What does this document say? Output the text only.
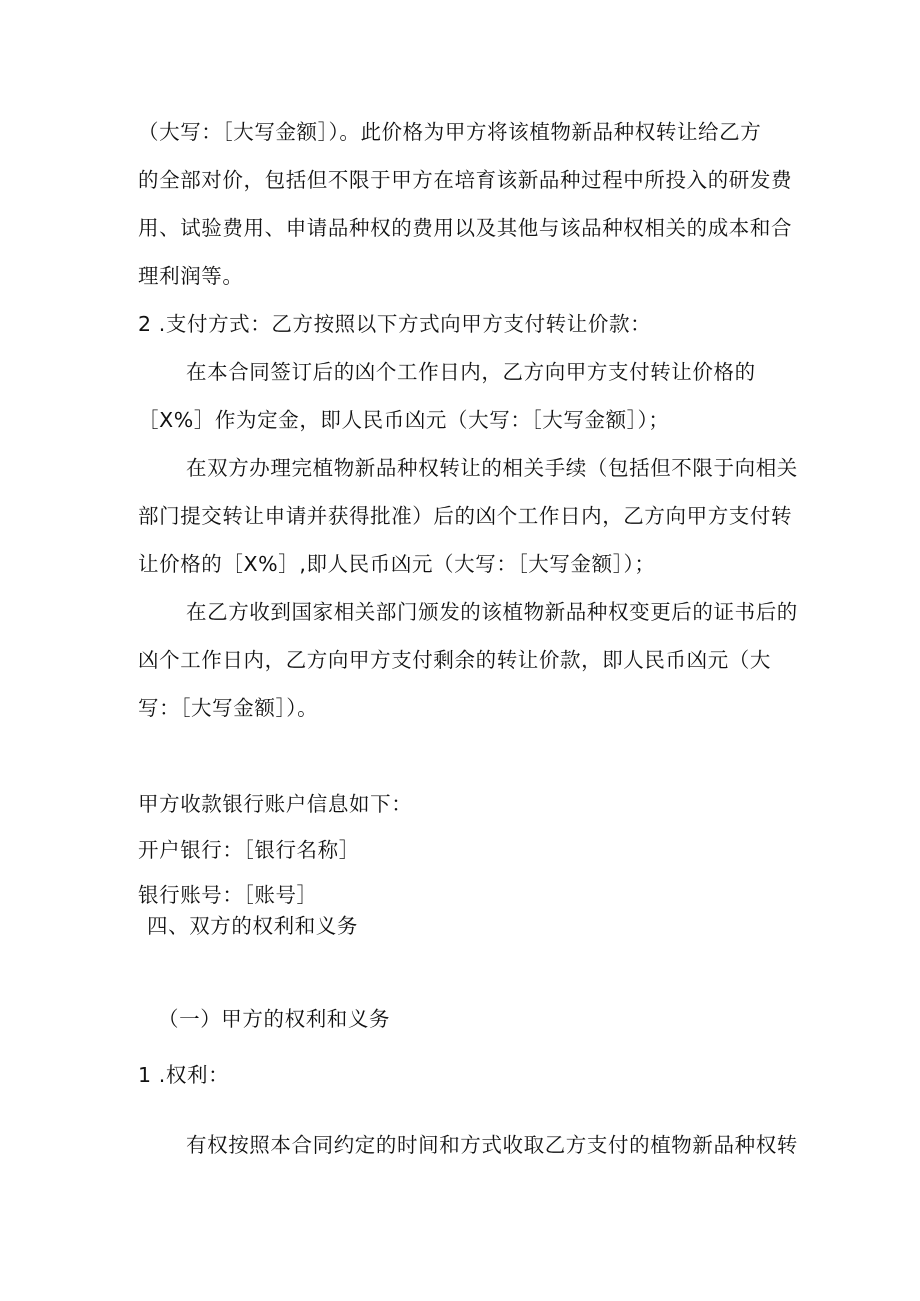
（大写：［大写金额］）。此价格为甲方将该植物新品种权转让给乙方

的全部对价，包括但不限于甲方在培育该新品种过程中所投入的研发费

用、试验费用、申请品种权的费用以及其他与该品种权相关的成本和合

理利润等。

2 .支付方式：乙方按照以下方式向甲方支付转让价款：

在本合同签订后的凶个工作日内，乙方向甲方支付转让价格的

［X%］作为定金，即人民币凶元（大写：［大写金额］）；

在双方办理完植物新品种权转让的相关手续（包括但不限于向相关

部门提交转让申请并获得批准）后的凶个工作日内，乙方向甲方支付转

让价格的［X%］,即人民币凶元（大写：［大写金额］）；

在乙方收到国家相关部门颁发的该植物新品种权变更后的证书后的

凶个工作日内，乙方向甲方支付剩余的转让价款，即人民币凶元（大

写：［大写金额］）。

甲方收款银行账户信息如下：

开户银行：［银行名称］

银行账号：［账号］

四、双方的权利和义务

（一）甲方的权利和义务

1 .权利：

有权按照本合同约定的时间和方式收取乙方支付的植物新品种权转
